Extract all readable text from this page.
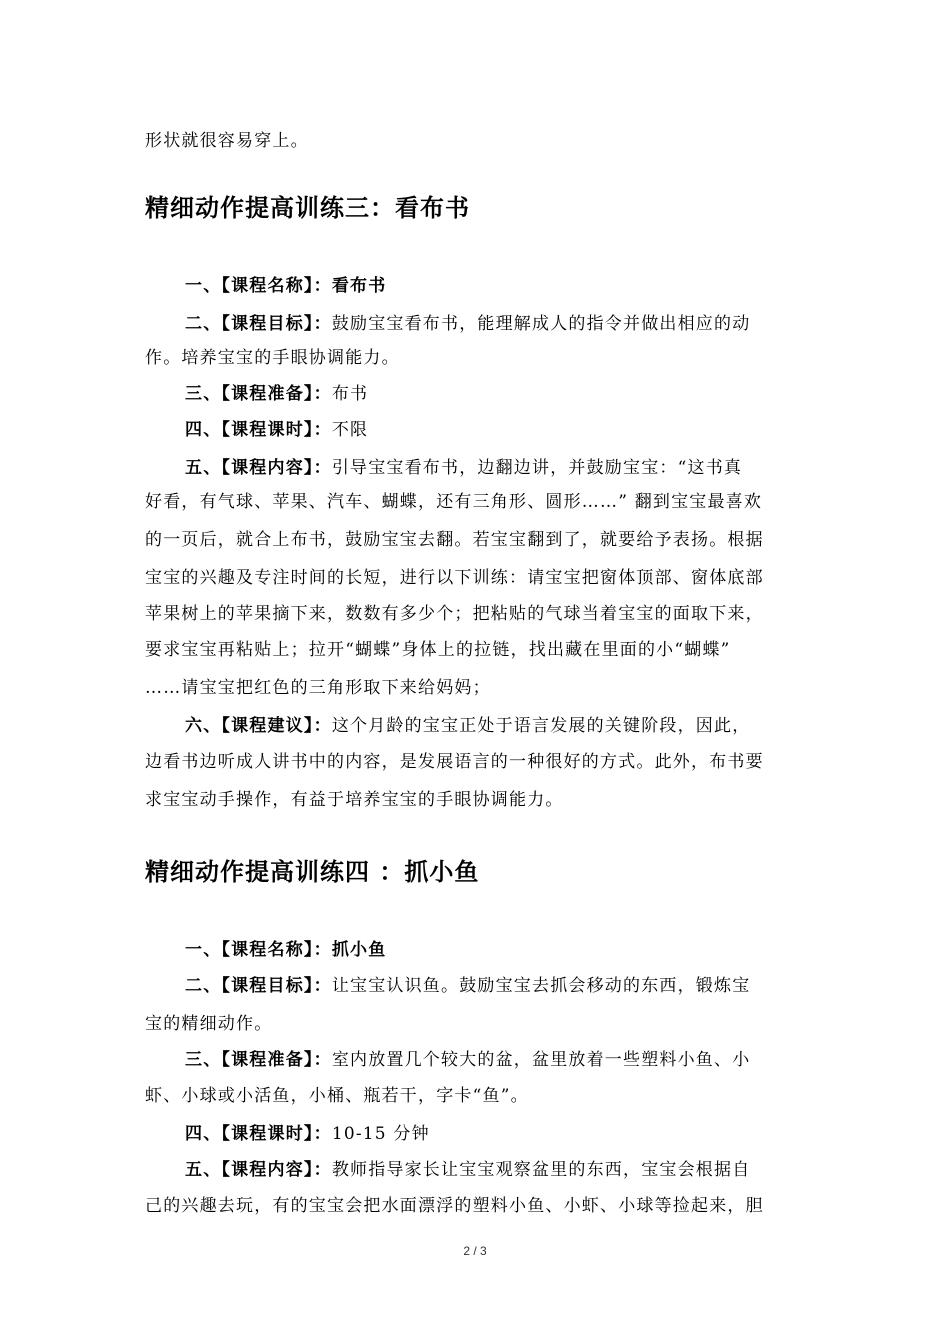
形状就很容易穿上。
精细动作提高训练三：看布书
一、【课程名称】：看布书
二、【课程目标】：鼓励宝宝看布书，能理解成人的指令并做出相应的动
作。培养宝宝的手眼协调能力。
三、【课程准备】：布书
四、【课程课时】：不限
五、【课程内容】：引导宝宝看布书，边翻边讲，并鼓励宝宝：“这书真
好看，有气球、苹果、汽车、蝴蝶，还有三角形、圆形……” 翻到宝宝最喜欢
的一页后，就合上布书，鼓励宝宝去翻。若宝宝翻到了，就要给予表扬。根据
宝宝的兴趣及专注时间的长短，进行以下训练：请宝宝把窗体顶部、窗体底部
苹果树上的苹果摘下来，数数有多少个；把粘贴的气球当着宝宝的面取下来，
要求宝宝再粘贴上；拉开“蝴蝶”身体上的拉链，找出藏在里面的小“蝴蝶”
……请宝宝把红色的三角形取下来给妈妈；
六、【课程建议】：这个月龄的宝宝正处于语言发展的关键阶段，因此，
边看书边听成人讲书中的内容，是发展语言的一种很好的方式。此外，布书要
求宝宝动手操作，有益于培养宝宝的手眼协调能力。
精细动作提高训练四 ：抓小鱼
一、【课程名称】：抓小鱼
二、【课程目标】：让宝宝认识鱼。鼓励宝宝去抓会移动的东西，锻炼宝
宝的精细动作。
三、【课程准备】：室内放置几个较大的盆，盆里放着一些塑料小鱼、小
虾、小球或小活鱼，小桶、瓶若干，字卡“鱼”。
四、【课程课时】：10-15 分钟
五、【课程内容】：教师指导家长让宝宝观察盆里的东西，宝宝会根据自
己的兴趣去玩，有的宝宝会把水面漂浮的塑料小鱼、小虾、小球等捡起来，胆
2 / 3
